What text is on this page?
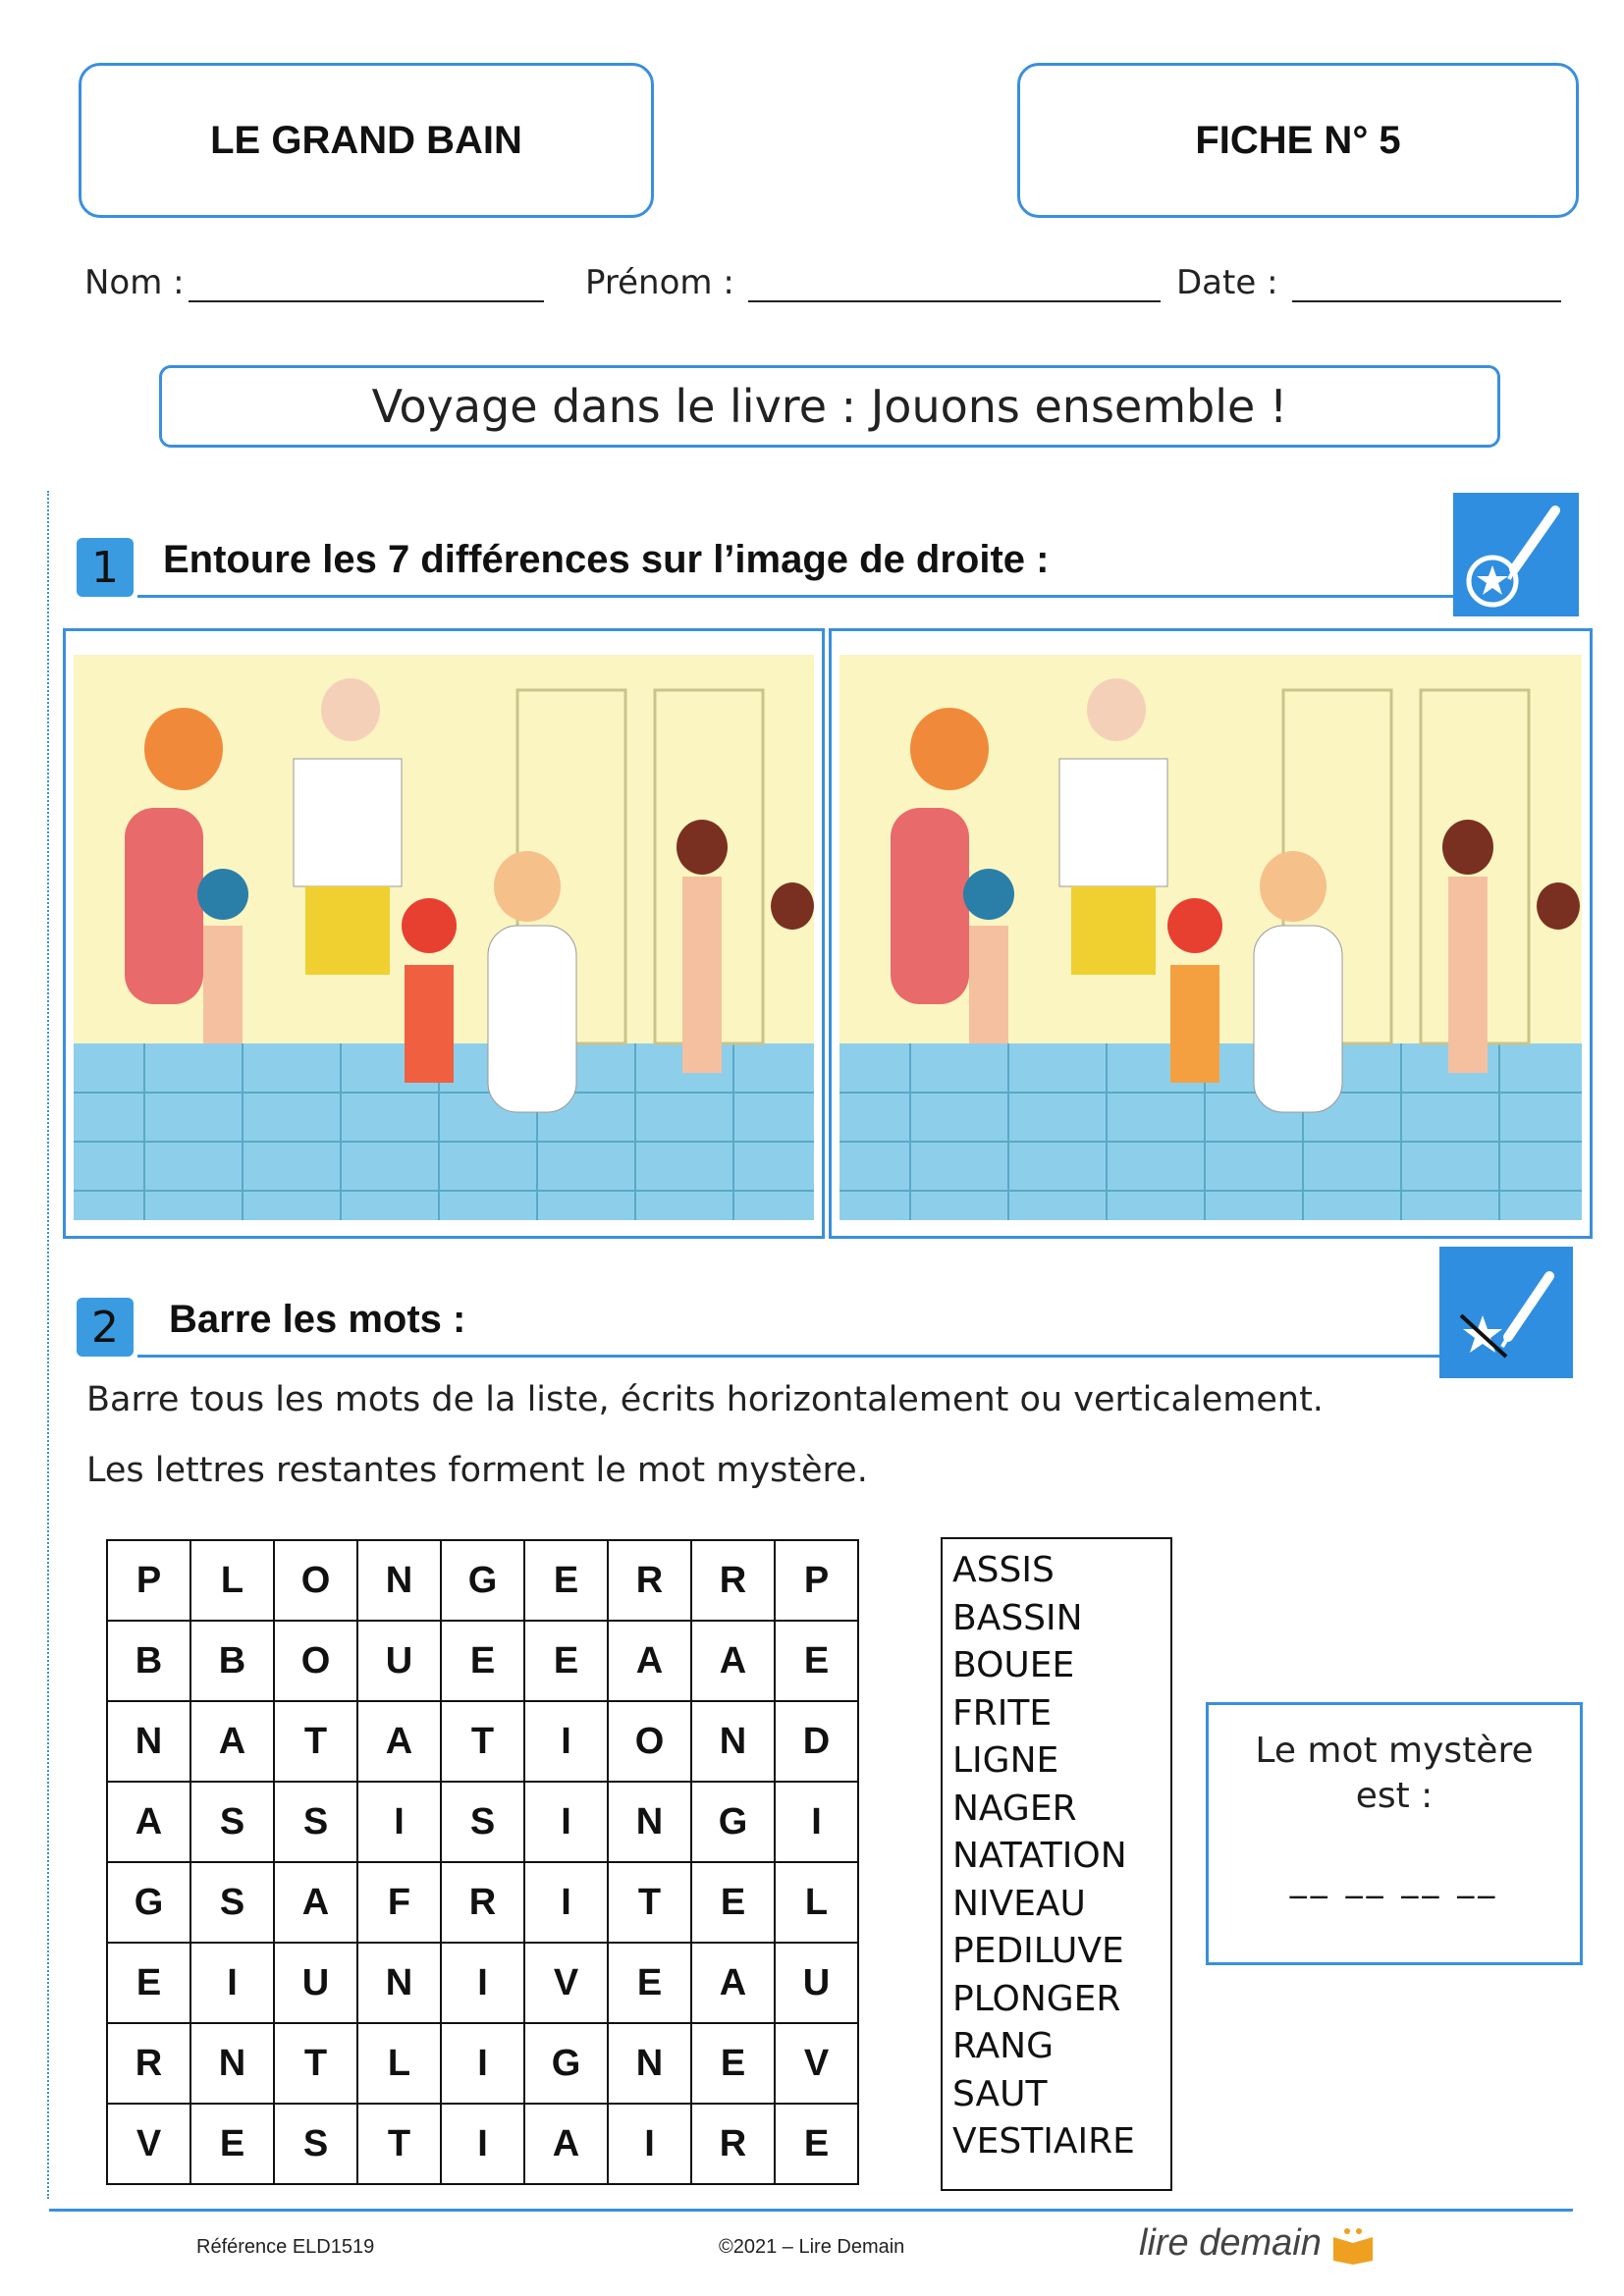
LE GRAND BAIN	FICHE N° 5
Nom :	Prénom :	Date :
Voyage dans le livre : Jouons ensemble !
1 Entoure les 7 différences sur l’image de droite :
2 Barre les mots :
Barre tous les mots de la liste, écrits horizontalement ou verticalement.
Les lettres restantes forment le mot mystère.
P	L	O	N	G	E	R	R	P
B	B	O	U	E	E	A	A	E
N	A	T	A	T	I	O	N	D
A	S	S	I	S	I	N	G	I
G	S	A	F	R	I	T	E	L
E	I	U	N	I	V	E	A	U
R	N	T	L	I	G	N	E	V
V	E	S	T	I	A	I	R	E
ASSIS
BASSIN
BOUEE
FRITE
LIGNE
NAGER
NATATION
NIVEAU
PEDILUVE
PLONGER
RANG
SAUT
VESTIAIRE
Le mot mystère
est :
__ __ __ __
Référence ELD1519	©2021 – Lire Demain	lire demain
